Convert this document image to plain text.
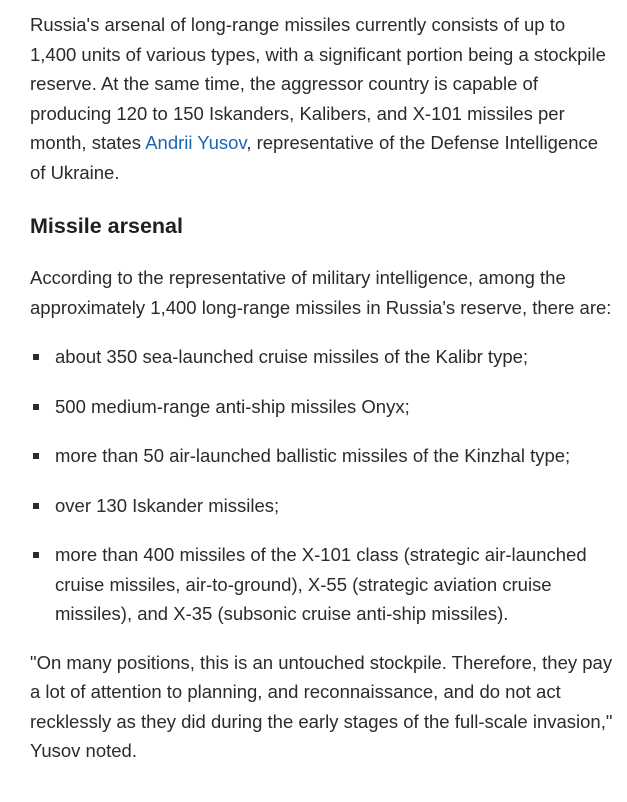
Russia's arsenal of long-range missiles currently consists of up to 1,400 units of various types, with a significant portion being a stockpile reserve. At the same time, the aggressor country is capable of producing 120 to 150 Iskanders, Kalibers, and X-101 missiles per month, states Andrii Yusov, representative of the Defense Intelligence of Ukraine.

Missile arsenal

According to the representative of military intelligence, among the approximately 1,400 long-range missiles in Russia's reserve, there are:

about 350 sea-launched cruise missiles of the Kalibr type;
500 medium-range anti-ship missiles Onyx;
more than 50 air-launched ballistic missiles of the Kinzhal type;
over 130 Iskander missiles;
more than 400 missiles of the X-101 class (strategic air-launched cruise missiles, air-to-ground), X-55 (strategic aviation cruise missiles), and X-35 (subsonic cruise anti-ship missiles).

"On many positions, this is an untouched stockpile. Therefore, they pay a lot of attention to planning, and reconnaissance, and do not act recklessly as they did during the early stages of the full-scale invasion," Yusov noted.
